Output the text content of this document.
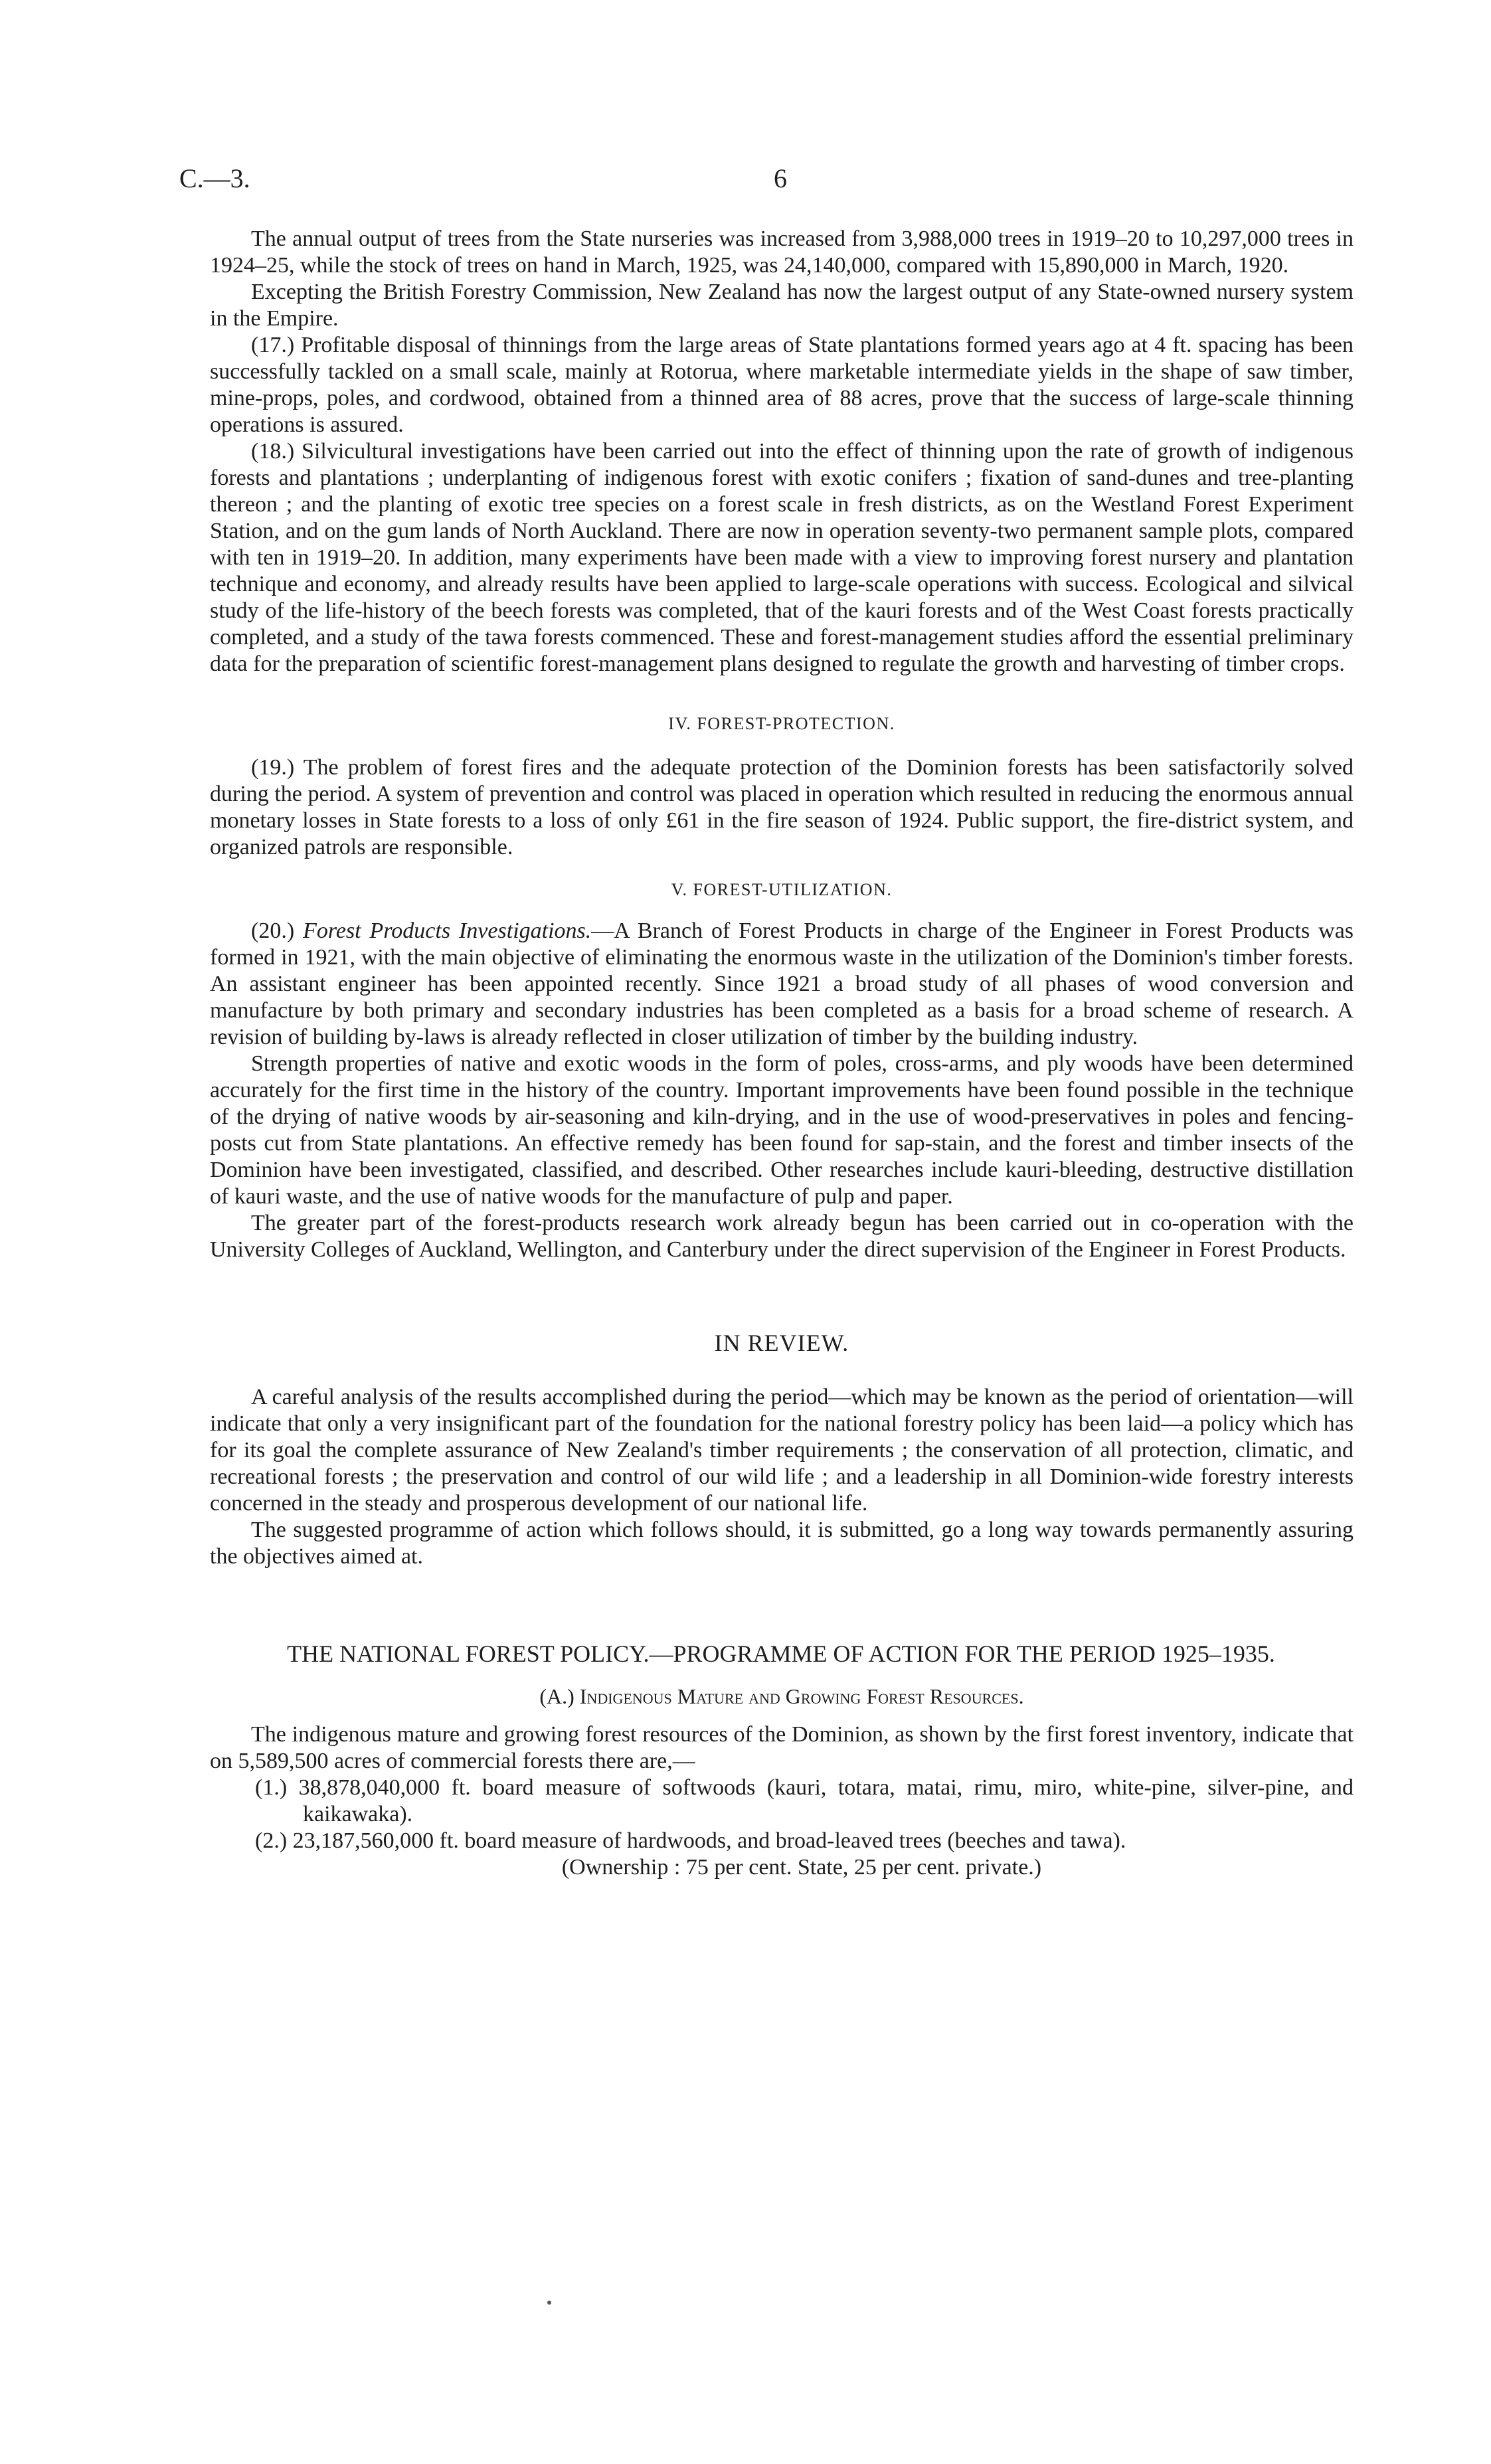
C.—3.	6

The annual output of trees from the State nurseries was increased from 3,988,000 trees in 1919–20 to 10,297,000 trees in 1924–25, while the stock of trees on hand in March, 1925, was 24,140,000, compared with 15,890,000 in March, 1920.

Excepting the British Forestry Commission, New Zealand has now the largest output of any State-owned nursery system in the Empire.

(17.) Profitable disposal of thinnings from the large areas of State plantations formed years ago at 4 ft. spacing has been successfully tackled on a small scale, mainly at Rotorua, where marketable intermediate yields in the shape of saw timber, mine-props, poles, and cordwood, obtained from a thinned area of 88 acres, prove that the success of large-scale thinning operations is assured.

(18.) Silvicultural investigations have been carried out into the effect of thinning upon the rate of growth of indigenous forests and plantations ; underplanting of indigenous forest with exotic conifers ; fixation of sand-dunes and tree-planting thereon ; and the planting of exotic tree species on a forest scale in fresh districts, as on the Westland Forest Experiment Station, and on the gum lands of North Auckland. There are now in operation seventy-two permanent sample plots, compared with ten in 1919–20. In addition, many experiments have been made with a view to improving forest nursery and plantation technique and economy, and already results have been applied to large-scale operations with success. Ecological and silvical study of the life-history of the beech forests was completed, that of the kauri forests and of the West Coast forests practically completed, and a study of the tawa forests commenced. These and forest-management studies afford the essential preliminary data for the preparation of scientific forest-management plans designed to regulate the growth and harvesting of timber crops.

IV. FOREST-PROTECTION.

(19.) The problem of forest fires and the adequate protection of the Dominion forests has been satisfactorily solved during the period. A system of prevention and control was placed in operation which resulted in reducing the enormous annual monetary losses in State forests to a loss of only £61 in the fire season of 1924. Public support, the fire-district system, and organized patrols are responsible.

V. FOREST-UTILIZATION.

(20.) Forest Products Investigations.—A Branch of Forest Products in charge of the Engineer in Forest Products was formed in 1921, with the main objective of eliminating the enormous waste in the utilization of the Dominion's timber forests. An assistant engineer has been appointed recently. Since 1921 a broad study of all phases of wood conversion and manufacture by both primary and secondary industries has been completed as a basis for a broad scheme of research. A revision of building by-laws is already reflected in closer utilization of timber by the building industry.

Strength properties of native and exotic woods in the form of poles, cross-arms, and ply woods have been determined accurately for the first time in the history of the country. Important improvements have been found possible in the technique of the drying of native woods by air-seasoning and kiln-drying, and in the use of wood-preservatives in poles and fencing-posts cut from State plantations. An effective remedy has been found for sap-stain, and the forest and timber insects of the Dominion have been investigated, classified, and described. Other researches include kauri-bleeding, destructive distillation of kauri waste, and the use of native woods for the manufacture of pulp and paper.

The greater part of the forest-products research work already begun has been carried out in co-operation with the University Colleges of Auckland, Wellington, and Canterbury under the direct supervision of the Engineer in Forest Products.

IN REVIEW.

A careful analysis of the results accomplished during the period—which may be known as the period of orientation—will indicate that only a very insignificant part of the foundation for the national forestry policy has been laid—a policy which has for its goal the complete assurance of New Zealand's timber requirements ; the conservation of all protection, climatic, and recreational forests ; the preservation and control of our wild life ; and a leadership in all Dominion-wide forestry interests concerned in the steady and prosperous development of our national life.

The suggested programme of action which follows should, it is submitted, go a long way towards permanently assuring the objectives aimed at.

THE NATIONAL FOREST POLICY.—PROGRAMME OF ACTION FOR THE PERIOD 1925–1935.
(A.) Indigenous Mature and Growing Forest Resources.

The indigenous mature and growing forest resources of the Dominion, as shown by the first forest inventory, indicate that on 5,589,500 acres of commercial forests there are,—

(1.) 38,878,040,000 ft. board measure of softwoods (kauri, totara, matai, rimu, miro, white-pine, silver-pine, and kaikawaka).
(2.) 23,187,560,000 ft. board measure of hardwoods, and broad-leaved trees (beeches and tawa).
(Ownership : 75 per cent. State, 25 per cent. private.)
